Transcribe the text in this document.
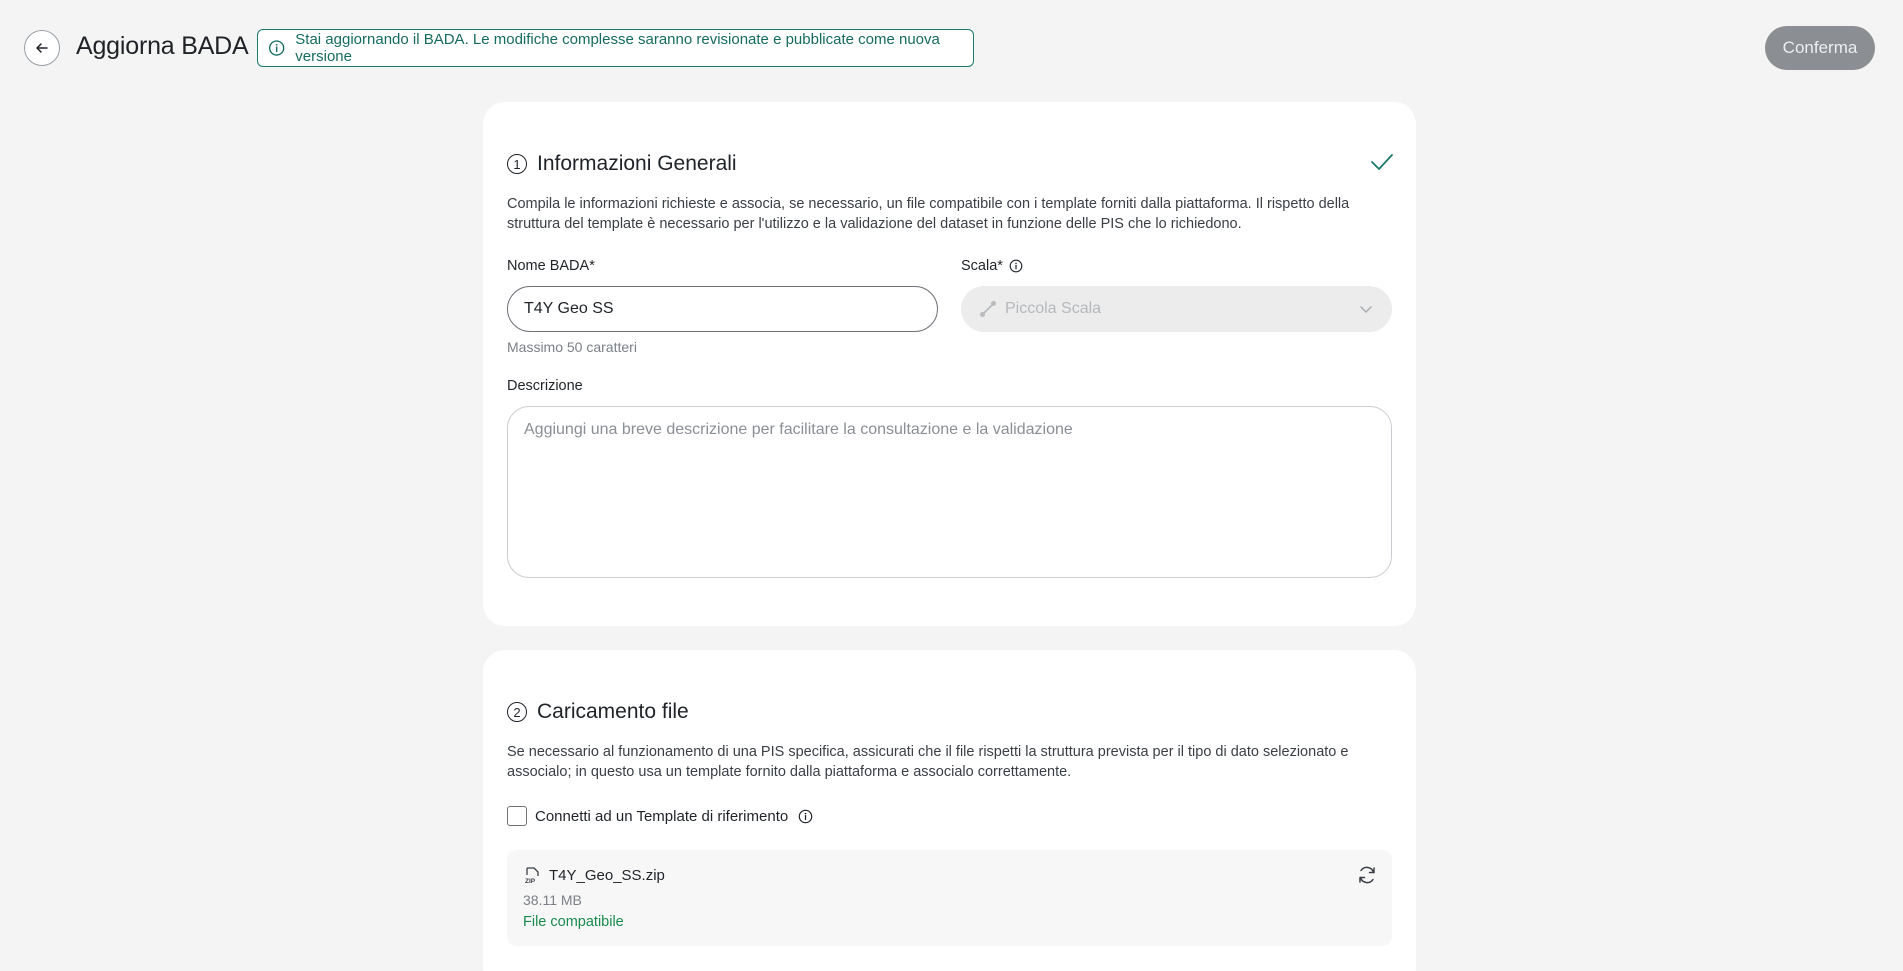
Aggiorna BADA	Stai aggiornando il BADA. Le modifiche complesse saranno revisionate e pubblicate come nuova versione	Conferma
1 Informazioni Generali
Compila le informazioni richieste e associa, se necessario, un file compatibile con i template forniti dalla piattaforma. Il rispetto della struttura del template è necessario per l'utilizzo e la validazione del dataset in funzione delle PIS che lo richiedono.
Nome BADA*
T4Y Geo SS
Massimo 50 caratteri
Scala*
Piccola Scala
Descrizione
Aggiungi una breve descrizione per facilitare la consultazione e la validazione
2 Caricamento file
Se necessario al funzionamento di una PIS specifica, assicurati che il file rispetti la struttura prevista per il tipo di dato selezionato e associalo; in questo usa un template fornito dalla piattaforma e associalo correttamente.
Connetti ad un Template di riferimento
ZIP T4Y_Geo_SS.zip
38.11 MB
File compatibile
